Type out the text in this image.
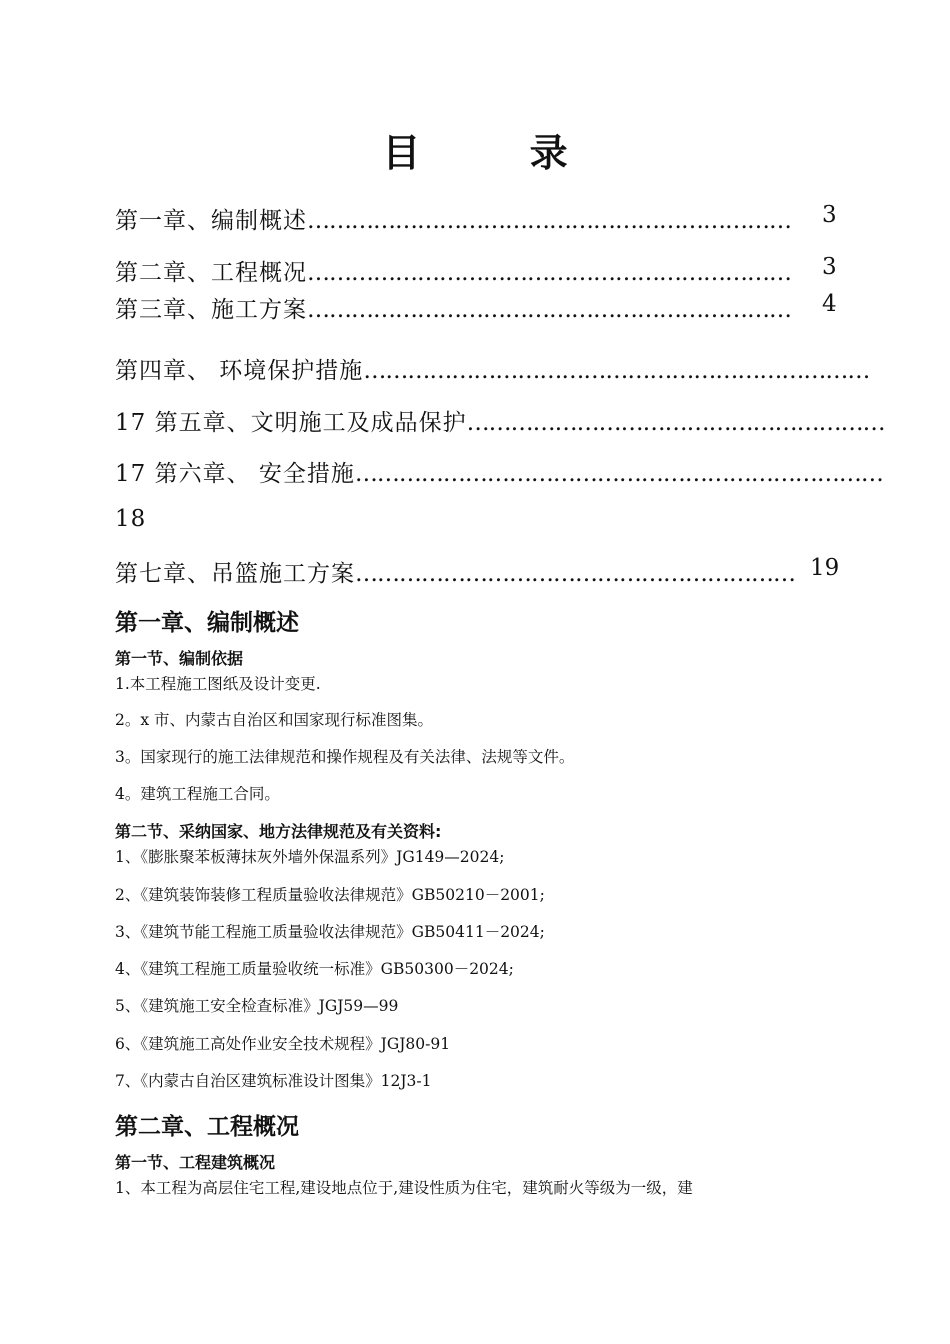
目 录
第一章、编制概述………………………………………………………… 3
第二章、工程概况………………………………………………………… 3
第三章、施工方案………………………………………………………… 4
第四章、 环境保护措施……………………………………………………………
17 第五章、文明施工及成品保护…………………………………………………
17 第六章、 安全措施………………………………………………………………
18
第七章、吊篮施工方案…………………………………………………… 19
第一章、编制概述
第一节、编制依据
1.本工程施工图纸及设计变更.
2。x 市、内蒙古自治区和国家现行标准图集。
3。国家现行的施工法律规范和操作规程及有关法律、法规等文件。
4。建筑工程施工合同。
第二节、采纳国家、地方法律规范及有关资料:
1、《膨胀聚苯板薄抹灰外墙外保温系列》JG149—2024;
2、《建筑装饰装修工程质量验收法律规范》GB50210－2001;
3、《建筑节能工程施工质量验收法律规范》GB50411－2024;
4、《建筑工程施工质量验收统一标准》GB50300－2024;
5、《建筑施工安全检查标准》JGJ59—99
6、《建筑施工高处作业安全技术规程》JGJ80-91
7、《内蒙古自治区建筑标准设计图集》12J3-1
第二章、工程概况
第一节、工程建筑概况
1、本工程为高层住宅工程,建设地点位于,建设性质为住宅，建筑耐火等级为一级，建
